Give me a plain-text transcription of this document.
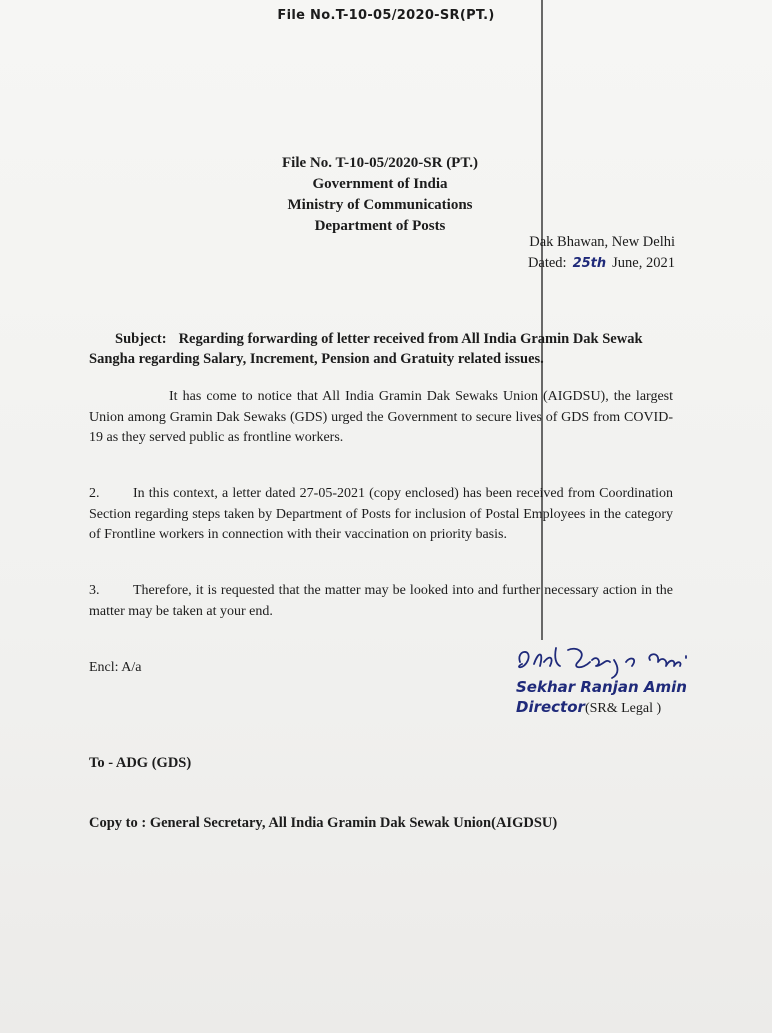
File No.T-10-05/2020-SR(PT.)
File No. T-10-05/2020-SR (PT.)
Government of India
Ministry of Communications
Department of Posts
Dak Bhawan, New Delhi
Dated: 25th June, 2021
Subject: Regarding forwarding of letter received from All India Gramin Dak Sewak Sangha regarding Salary, Increment, Pension and Gratuity related issues.
It has come to notice that All India Gramin Dak Sewaks Union (AIGDSU), the largest Union among Gramin Dak Sewaks (GDS) urged the Government to secure lives of GDS from COVID-19 as they served public as frontline workers.
2. In this context, a letter dated 27-05-2021 (copy enclosed) has been received from Coordination Section regarding steps taken by Department of Posts for inclusion of Postal Employees in the category of Frontline workers in connection with their vaccination on priority basis.
3. Therefore, it is requested that the matter may be looked into and further necessary action in the matter may be taken at your end.
Encl: A/a
Sekhar Ranjan Amin
Director(SR& Legal )
To - ADG (GDS)
Copy to : General Secretary, All India Gramin Dak Sewak Union(AIGDSU)
